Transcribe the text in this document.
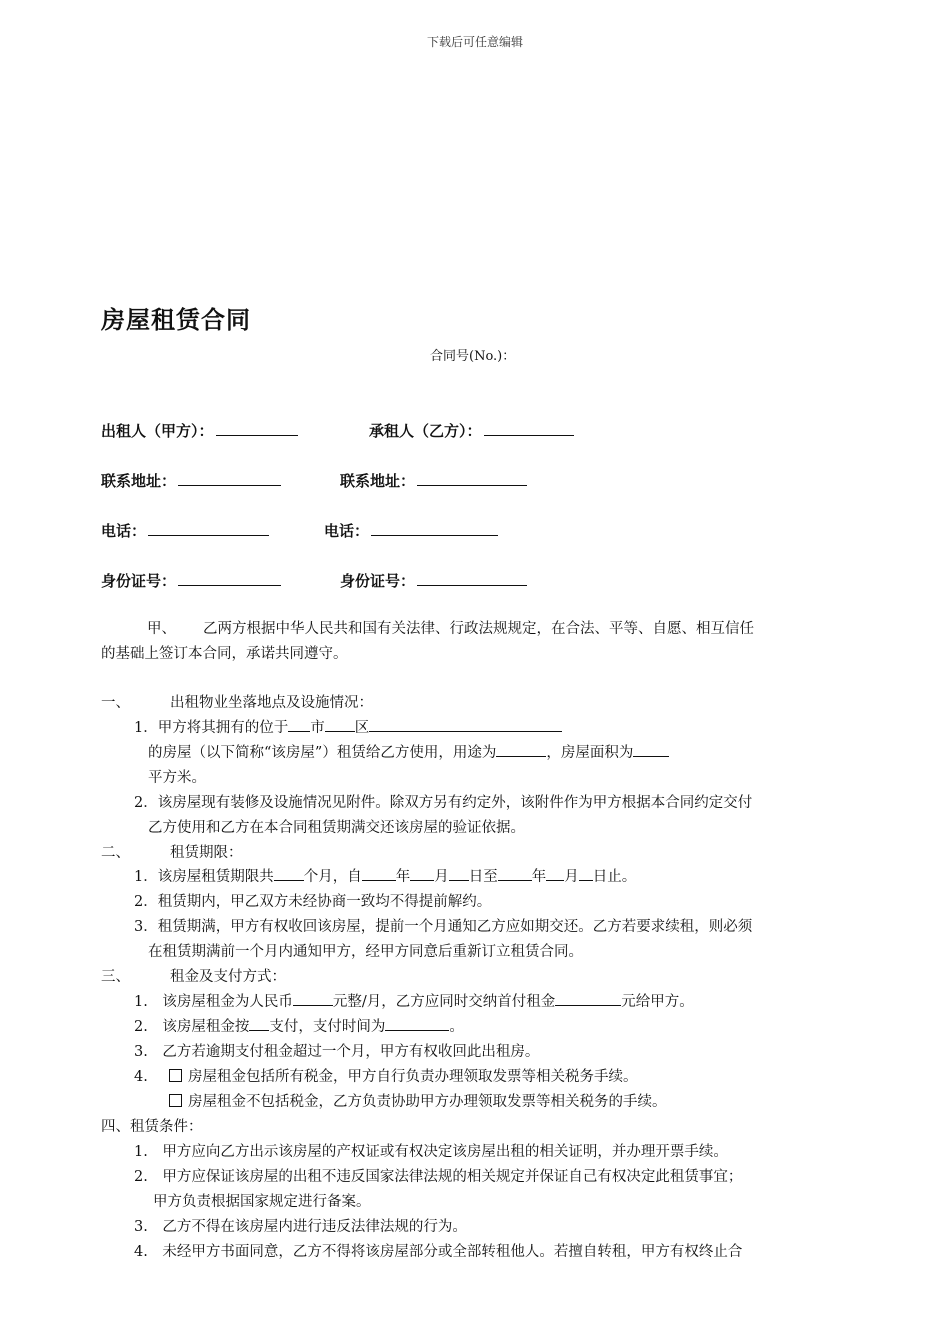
下载后可任意编辑
房屋租赁合同
合同号(No.)：
出租人（甲方）：	承租人（乙方）：
联系地址：	联系地址：
电话：	电话：
身份证号：	身份证号：
甲、 乙两方根据中华人民共和国有关法律、行政法规规定，在合法、平等、自愿、相互信任
的基础上签订本合同，承诺共同遵守。
一、	出租物业坐落地点及设施情况：
1．甲方将其拥有的位于 市 区
的房屋（以下简称“该房屋”）租赁给乙方使用，用途为	，房屋面积为
平方米。
2．该房屋现有装修及设施情况见附件。除双方另有约定外，该附件作为甲方根据本合同约定交付
乙方使用和乙方在本合同租赁期满交还该房屋的验证依据。
二、	租赁期限：
1．该房屋租赁期限共 个月，自 年 月 日至 年 月 日止。
2．租赁期内，甲乙双方未经协商一致均不得提前解约。
3．租赁期满，甲方有权收回该房屋，提前一个月通知乙方应如期交还。乙方若要求续租，则必须
在租赁期满前一个月内通知甲方，经甲方同意后重新订立租赁合同。
三、	租金及支付方式：
1.　该房屋租金为人民币	元整/月，乙方应同时交纳首付租金	元给甲方。
2.　该房屋租金按 支付，支付时间为	。
3.　乙方若逾期支付租金超过一个月，甲方有权收回此出租房。
4.	房屋租金包括所有税金，甲方自行负责办理领取发票等相关税务手续。
房屋租金不包括税金，乙方负责协助甲方办理领取发票等相关税务的手续。
四、租赁条件：
1.　甲方应向乙方出示该房屋的产权证或有权决定该房屋出租的相关证明，并办理开票手续。
2.　甲方应保证该房屋的出租不违反国家法律法规的相关规定并保证自己有权决定此租赁事宜；
甲方负责根据国家规定进行备案。
3.　乙方不得在该房屋内进行违反法律法规的行为。
4.　未经甲方书面同意，乙方不得将该房屋部分或全部转租他人。若擅自转租，甲方有权终止合
